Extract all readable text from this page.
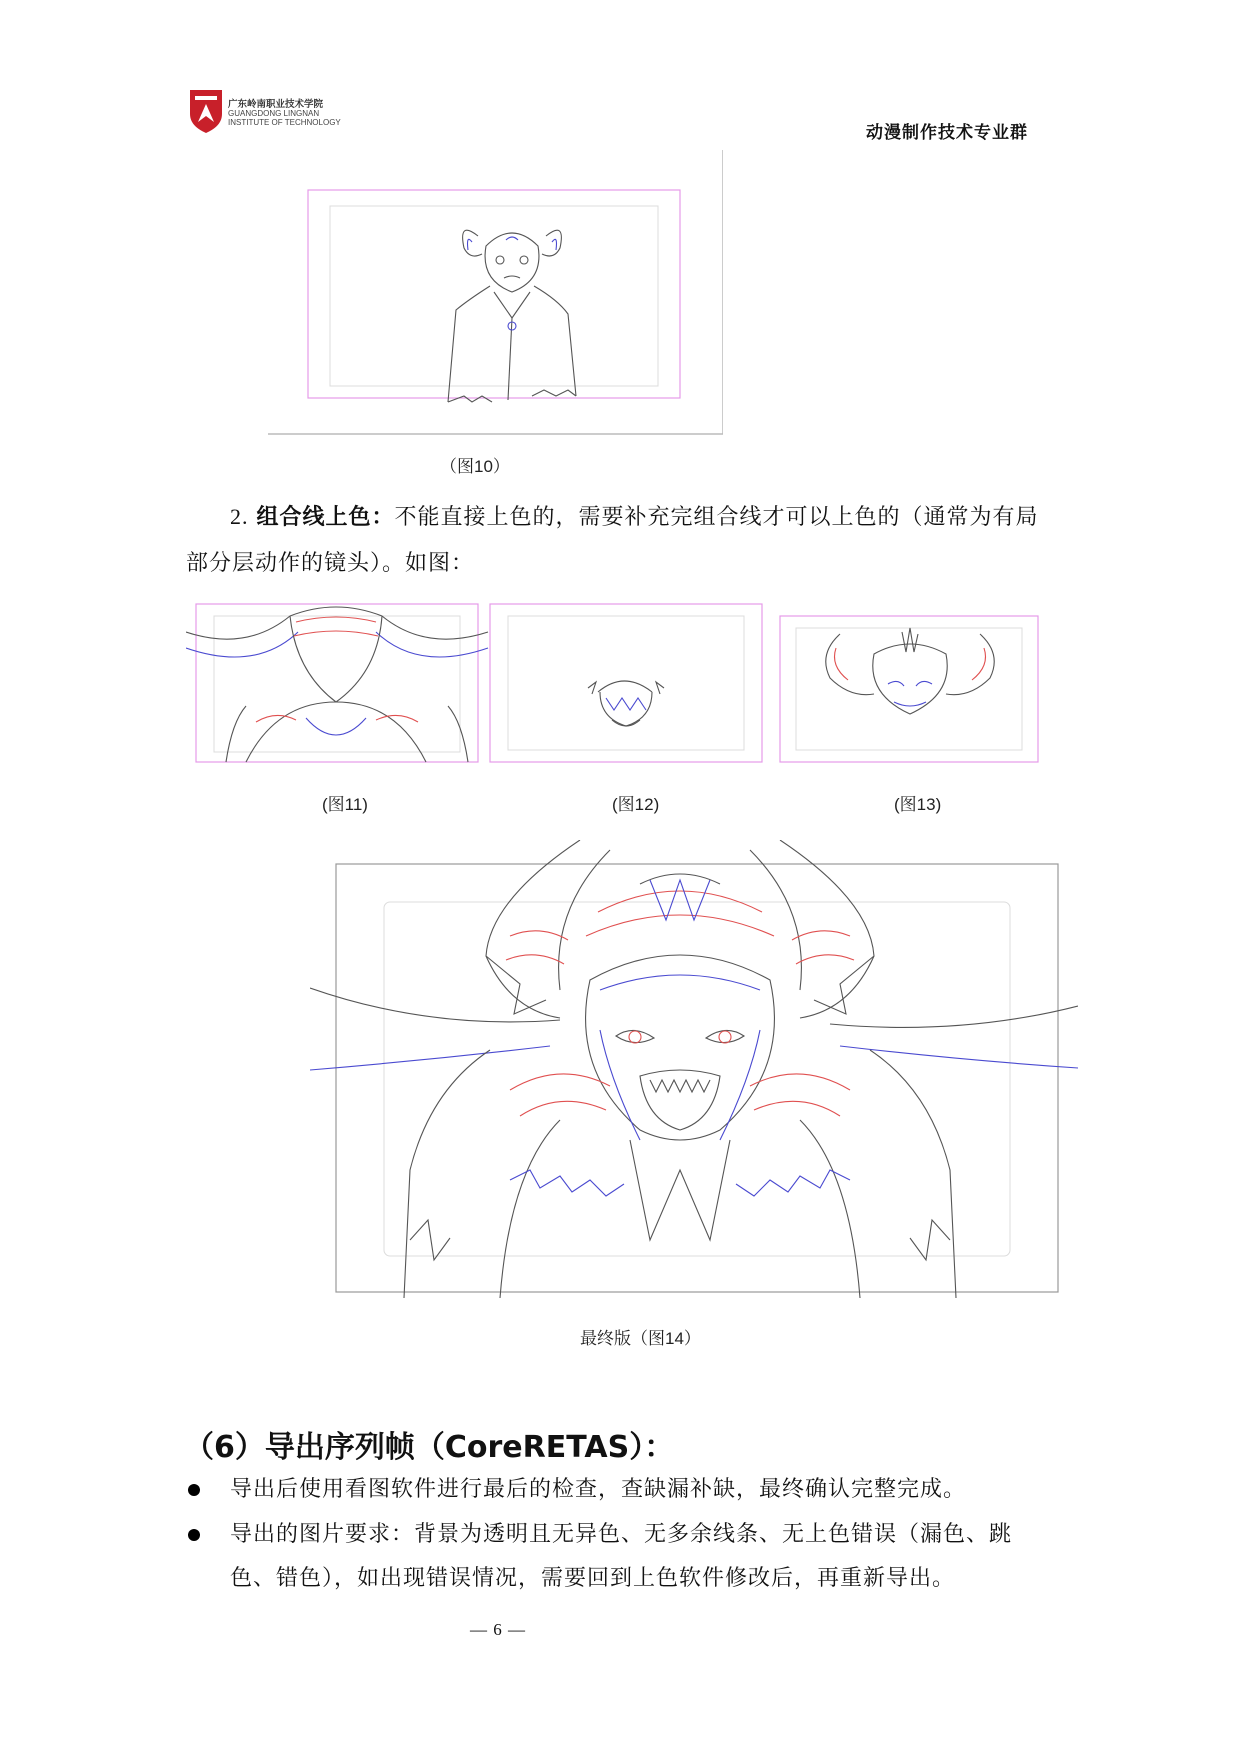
广东岭南职业技术学院
GUANGDONG LINGNAN
INSTITUTE OF TECHNOLOGY
动漫制作技术专业群
（图10）
2. 组合线上色：不能直接上色的，需要补充完组合线才可以上色的（通常为有局部分层动作的镜头）。如图：
(图11)	(图12)	(图13)
最终版（图14）
（6）导出序列帧（CoreRETAS）：
导出后使用看图软件进行最后的检查，查缺漏补缺，最终确认完整完成。
导出的图片要求：背景为透明且无异色、无多余线条、无上色错误（漏色、跳色、错色），如出现错误情况，需要回到上色软件修改后，再重新导出。
— 6 —
